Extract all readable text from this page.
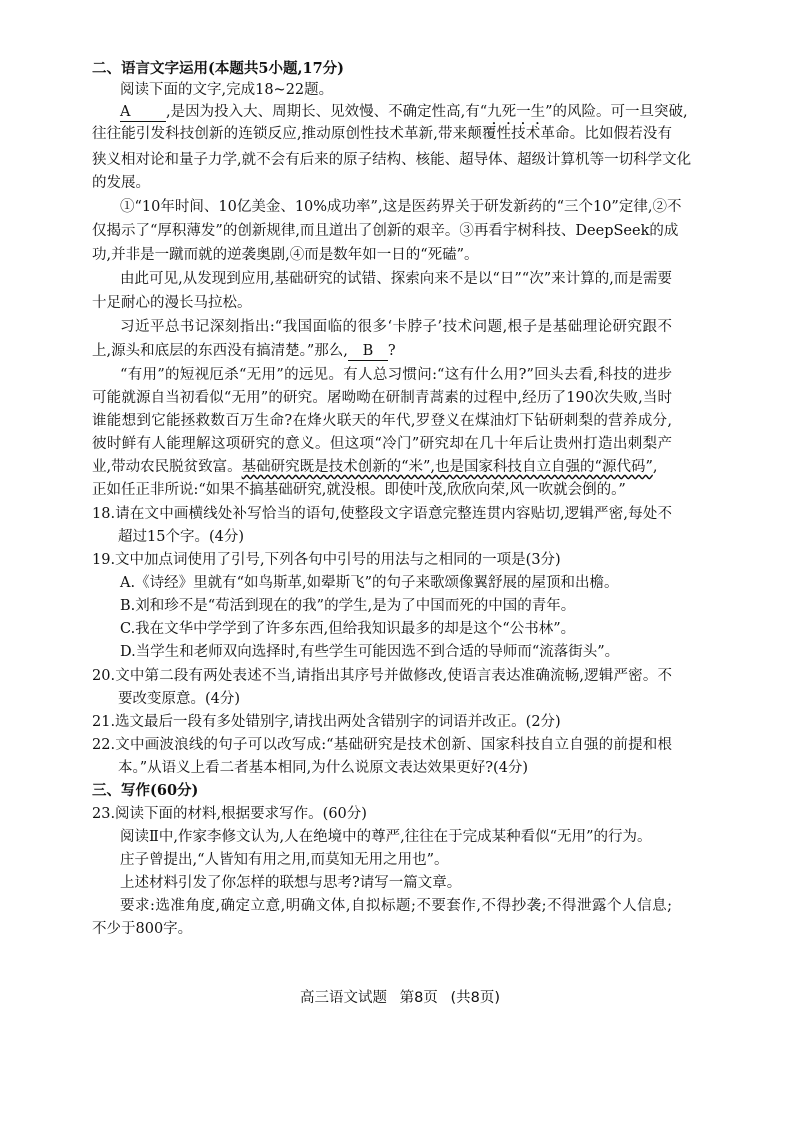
二、语言文字运用(本题共5小题,17分)
阅读下面的文字,完成18~22题。
A ,是因为投入大、周期长、见效慢、不确定性高,有“九死一生”的风险。可一旦突破,
往往能引发科技创新的连锁反应,推动原创性技术革新,带来颠覆性技术革命。比如假若没有
狭义相对论和量子力学,就不会有后来的原子结构、核能、超导体、超级计算机等一切科学文化
的发展。
①“10年时间、10亿美金、10%成功率”,这是医药界关于研发新药的“三个10”定律,②不
仅揭示了“厚积薄发”的创新规律,而且道出了创新的艰辛。③再看宇树科技、DeepSeek的成
功,并非是一蹴而就的逆袭奥剧,④而是数年如一日的“死磕”。
由此可见,从发现到应用,基础研究的试错、探索向来不是以“日”“次”来计算的,而是需要
十足耐心的漫长马拉松。
习近平总书记深刻指出:“我国面临的很多‘卡脖子’技术问题,根子是基础理论研究跟不
上,源头和底层的东西没有搞清楚。”那么, B ?
“有用”的短视厄杀“无用”的远见。有人总习惯问:“这有什么用?”回头去看,科技的进步
可能就源自当初看似“无用”的研究。屠呦呦在研制青蒿素的过程中,经历了190次失败,当时
谁能想到它能拯救数百万生命?在烽火联天的年代,罗登义在煤油灯下钻研刺梨的营养成分,
彼时鲜有人能理解这项研究的意义。但这项“冷门”研究却在几十年后让贵州打造出刺梨产
业,带动农民脱贫致富。基础研究既是技术创新的“米”,也是国家科技自立自强的“源代码”,
正如任正非所说:“如果不搞基础研究,就没根。即使叶茂,欣欣向荣,风一吹就会倒的。”
18.请在文中画横线处补写恰当的语句,使整段文字语意完整连贯内容贴切,逻辑严密,每处不
超过15个字。(4分)
19.文中加点词使用了引号,下列各句中引号的用法与之相同的一项是(3分)
A.《诗经》里就有“如鸟斯革,如翚斯飞”的句子来歌颂像翼舒展的屋顶和出檐。
B.刘和珍不是“苟活到现在的我”的学生,是为了中国而死的中国的青年。
C.我在文华中学学到了许多东西,但给我知识最多的却是这个“公书林”。
D.当学生和老师双向选择时,有些学生可能因选不到合适的导师而“流落街头”。
20.文中第二段有两处表述不当,请指出其序号并做修改,使语言表达准确流畅,逻辑严密。不
要改变原意。(4分)
21.选文最后一段有多处错别字,请找出两处含错别字的词语并改正。(2分)
22.文中画波浪线的句子可以改写成:“基础研究是技术创新、国家科技自立自强的前提和根
本。”从语义上看二者基本相同,为什么说原文表达效果更好?(4分)
三、写作(60分)
23.阅读下面的材料,根据要求写作。(60分)
阅读Ⅱ中,作家李修文认为,人在绝境中的尊严,往往在于完成某种看似“无用”的行为。
庄子曾提出,“人皆知有用之用,而莫知无用之用也”。
上述材料引发了你怎样的联想与思考?请写一篇文章。
要求:选准角度,确定立意,明确文体,自拟标题;不要套作,不得抄袭;不得泄露个人信息;
不少于800字。
高三语文试题 第8页 (共8页)
